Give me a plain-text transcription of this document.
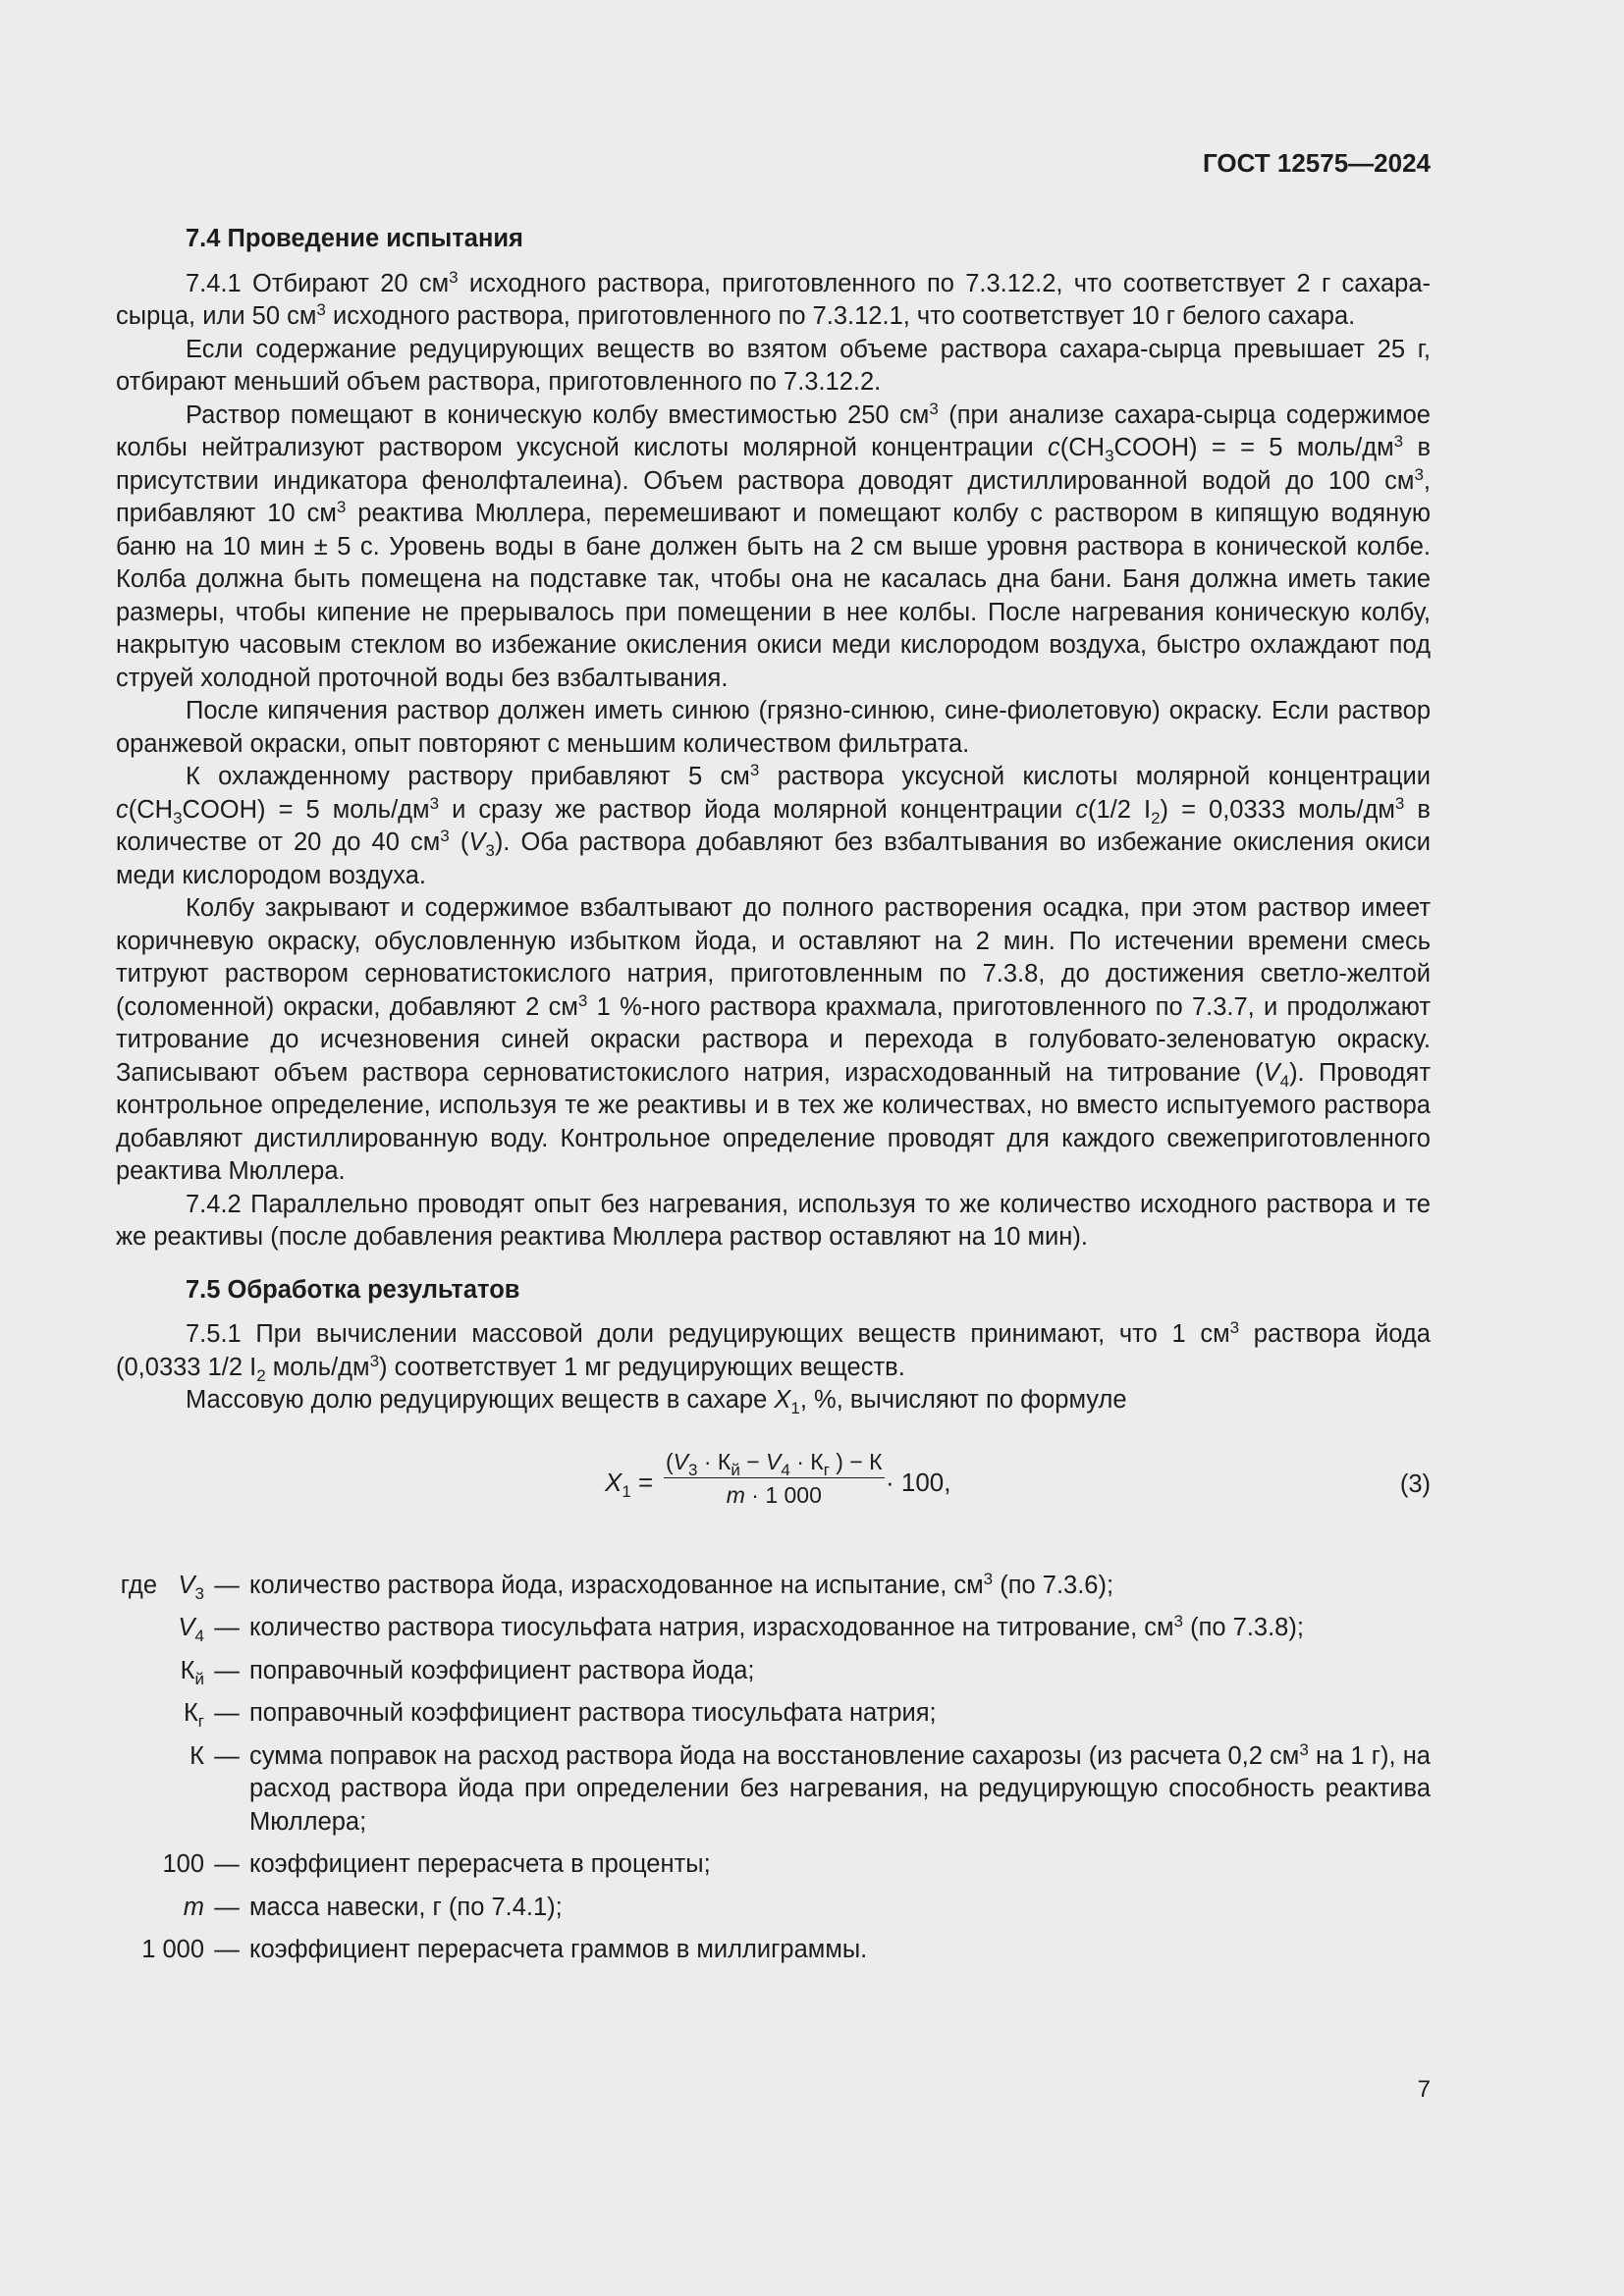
ГОСТ 12575—2024
7.4 Проведение испытания

7.4.1 Отбирают 20 $см^3$ исходного раствора, приготовленного по 7.3.12.2, что соответствует 2 г сахара-сырца, или 50 $см^3$ исходного раствора, приготовленного по 7.3.12.1, что соответствует 10 г белого сахара.

Если содержание редуцирующих веществ во взятом объеме раствора сахара-сырца превышает 25 г, отбирают меньший объем раствора, приготовленного по 7.3.12.2.

Раствор помещают в коническую колбу вместимостью 250 $см^3$ (при анализе сахара-сырца содержимое колбы нейтрализуют раствором уксусной кислоты молярной концентрации $c(CH_3COOH)$ = = 5 моль/$дм^3$ в присутствии индикатора фенолфталеина). Объем раствора доводят дистиллированной водой до 100 $см^3$, прибавляют 10 $см^3$ реактива Мюллера, перемешивают и помещают колбу с раствором в кипящую водяную баню на 10 мин ± 5 с. Уровень воды в бане должен быть на 2 см выше уровня раствора в конической колбе. Колба должна быть помещена на подставке так, чтобы она не касалась дна бани. Баня должна иметь такие размеры, чтобы кипение не прерывалось при помещении в нее колбы. После нагревания коническую колбу, накрытую часовым стеклом во избежание окисления окиси меди кислородом воздуха, быстро охлаждают под струей холодной проточной воды без взбалтывания.

После кипячения раствор должен иметь синюю (грязно-синюю, сине-фиолетовую) окраску. Если раствор оранжевой окраски, опыт повторяют с меньшим количеством фильтрата.

К охлажденному раствору прибавляют 5 $см^3$ раствора уксусной кислоты молярной концентрации $c(CH_3COOH) = 5$ моль/$дм^3$ и сразу же раствор йода молярной концентрации c(1/2 $I_2) = 0,0333$ моль/$дм^3$ в количестве от 20 до 40 $см^3$ $(V_3)$. Оба раствора добавляют без взбалтывания во избежание окисления окиси меди кислородом воздуха.

Колбу закрывают и содержимое взбалтывают до полного растворения осадка, при этом раствор имеет коричневую окраску, обусловленную избытком йода, и оставляют на 2 мин. По истечении времени смесь титруют раствором серноватистокислого натрия, приготовленным по 7.3.8, до достижения светло-желтой (соломенной) окраски, добавляют 2 $см^3$ 1 %-ного раствора крахмала, приготовленного по 7.3.7, и продолжают титрование до исчезновения синей окраски раствора и перехода в голубовато-зеленоватую окраску. Записывают объем раствора серноватистокислого натрия, израсходованный на титрование $(V_4)$. Проводят контрольное определение, используя те же реактивы и в тех же количествах, но вместо испытуемого раствора добавляют дистиллированную воду. Контрольное определение проводят для каждого свежеприготовленного реактива Мюллера.

7.4.2 Параллельно проводят опыт без нагревания, используя то же количество исходного раствора и те же реактивы (после добавления реактива Мюллера раствор оставляют на 10 мин).

7.5 Обработка результатов

7.5.1 При вычислении массовой доли редуцирующих веществ принимают, что 1 $см^3$ раствора йода (0,0333 1/2 $I_2$ моль/$дм^3$) соответствует 1 мг редуцирующих веществ.

Массовую долю редуцирующих веществ в сахаре $X_1$, %, вычисляют по формуле

$X_1$ =
($V_3 \cdot К_й - V_4 \cdot К_г$ ) − К
m · 1 000	· 100,	(3)
где $V_3$ — количество раствора йода, израсходованное на испытание, $см^3$ (по 7.3.6);
$V_4$ — количество раствора тиосульфата натрия, израсходованное на титрование, $см^3$ (по 7.3.8);
$К_й$ — поправочный коэффициент раствора йода;
$К_г$ — поправочный коэффициент раствора тиосульфата натрия;
К — сумма поправок на расход раствора йода на восстановление сахарозы (из расчета 0,2 $см^3$ на 1 г), на расход раствора йода при определении без нагревания, на редуцирующую способность реактива Мюллера;
100 — коэффициент перерасчета в проценты;
m — масса навески, г (по 7.4.1);
1 000 — коэффициент перерасчета граммов в миллиграммы.
7
